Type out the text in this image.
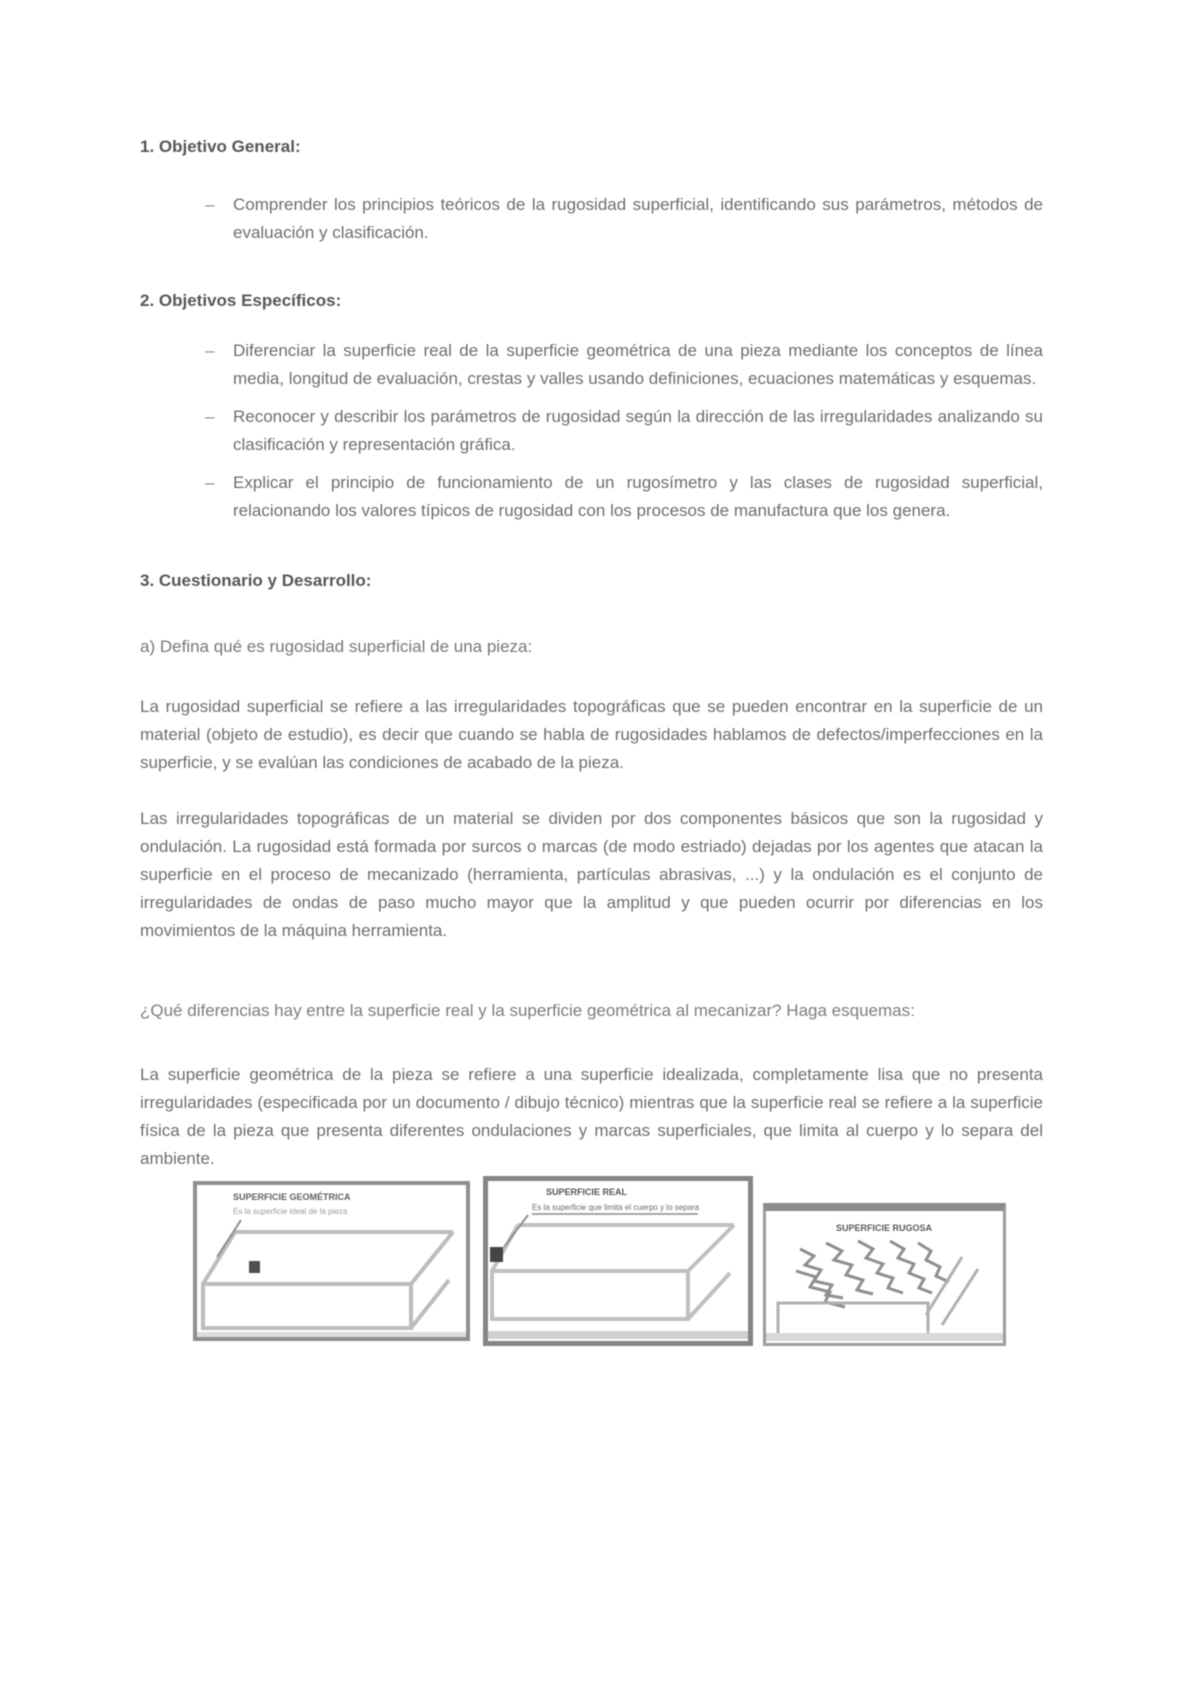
1. Objetivo General:

– Comprender los principios teóricos de la rugosidad superficial, identificando sus parámetros, métodos de evaluación y clasificación.

2. Objetivos Específicos:

– Diferenciar la superficie real de la superficie geométrica de una pieza mediante los conceptos de línea media, longitud de evaluación, crestas y valles usando definiciones, ecuaciones matemáticas y esquemas.
– Reconocer y describir los parámetros de rugosidad según la dirección de las irregularidades analizando su clasificación y representación gráfica.
– Explicar el principio de funcionamiento de un rugosímetro y las clases de rugosidad superficial, relacionando los valores típicos de rugosidad con los procesos de manufactura que los genera.

3. Cuestionario y Desarrollo:

a) Defina qué es rugosidad superficial de una pieza:

La rugosidad superficial se refiere a las irregularidades topográficas que se pueden encontrar en la superficie de un material (objeto de estudio), es decir que cuando se habla de rugosidades hablamos de defectos/imperfecciones en la superficie, y se evalúan las condiciones de acabado de la pieza.

Las irregularidades topográficas de un material se dividen por dos componentes básicos que son la rugosidad y ondulación. La rugosidad está formada por surcos o marcas (de modo estriado) dejadas por los agentes que atacan la superficie en el proceso de mecanizado (herramienta, partículas abrasivas, ...) y la ondulación es el conjunto de irregularidades de ondas de paso mucho mayor que la amplitud y que pueden ocurrir por diferencias en los movimientos de la máquina herramienta.

¿Qué diferencias hay entre la superficie real y la superficie geométrica al mecanizar? Haga esquemas:

La superficie geométrica de la pieza se refiere a una superficie idealizada, completamente lisa que no presenta irregularidades (especificada por un documento / dibujo técnico) mientras que la superficie real se refiere a la superficie física de la pieza que presenta diferentes ondulaciones y marcas superficiales, que limita al cuerpo y lo separa del ambiente.

SUPERFICIE GEOMÉTRICA
Es la superficie ideal de la pieza
SUPERFICIE REAL
Es la superficie que limita el cuerpo y lo separa
SUPERFICIE RUGOSA
